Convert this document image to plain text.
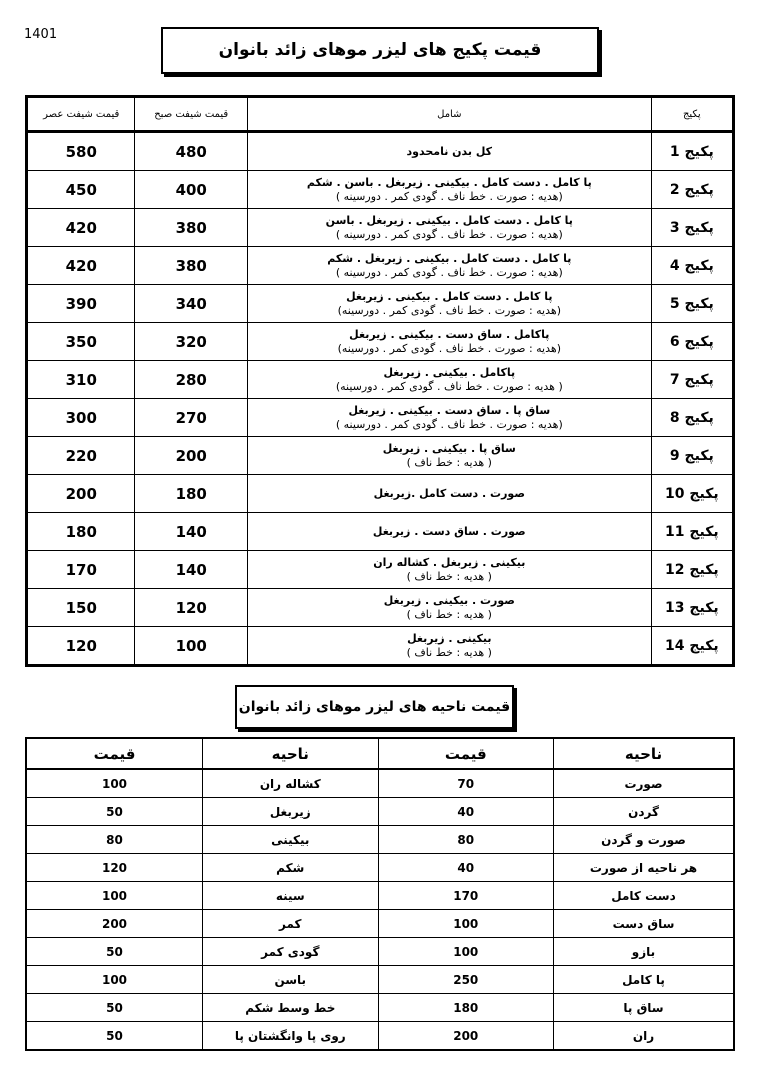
1401
قیمت پکیج های لیزر موهای زائد بانوان
پکیج	شامل	قیمت شیفت صبح	قیمت شیفت عصر
پکیج 1	کل بدن نامحدود	480	580
پکیج 2	پا کامل . دست کامل . بیکینی . زیربغل . باسن . شکم
(هدیه : صورت . خط ناف . گودی کمر . دورسینه )	400	450
پکیج 3	پا کامل . دست کامل . بیکینی . زیربغل . باسن
(هدیه : صورت . خط ناف . گودی کمر . دورسینه )	380	420
پکیج 4	پا کامل . دست کامل . بیکینی . زیربغل . شکم
(هدیه : صورت . خط ناف . گودی کمر . دورسینه )	380	420
پکیج 5	پا کامل . دست کامل . بیکینی . زیربغل
(هدیه : صورت . خط ناف . گودی کمر . دورسینه)	340	390
پکیج 6	پاکامل . ساق دست . بیکینی . زیربغل
(هدیه : صورت . خط ناف . گودی کمر . دورسینه)	320	350
پکیج 7	پاکامل . بیکینی . زیربغل
( هدیه : صورت . خط ناف . گودی کمر . دورسینه)	280	310
پکیج 8	ساق پا . ساق دست . بیکینی . زیربغل
(هدیه : صورت . خط ناف . گودی کمر . دورسینه )	270	300
پکیج 9	ساق پا . بیکینی . زیربغل
( هدیه : خط ناف )	200	220
پکیج 10	صورت . دست کامل .زیربغل	180	200
پکیج 11	صورت . ساق دست . زیربغل	140	180
پکیج 12	بیکینی . زیربغل . کشاله ران
( هدیه : خط ناف )	140	170
پکیج 13	صورت . بیکینی . زیربغل
( هدیه : خط ناف )	120	150
پکیج 14	بیکینی . زیربغل
( هدیه : خط ناف )	100	120
قیمت ناحیه های لیزر موهای زائد بانوان
ناحیه	قیمت	ناحیه	قیمت
صورت	70	کشاله ران	100
گردن	40	زیربغل	50
صورت و گردن	80	بیکینی	80
هر ناحیه از صورت	40	شکم	120
دست کامل	170	سینه	100
ساق دست	100	کمر	200
بازو	100	گودی کمر	50
پا کامل	250	باسن	100
ساق پا	180	خط وسط شکم	50
ران	200	روی پا وانگشتان پا	50
